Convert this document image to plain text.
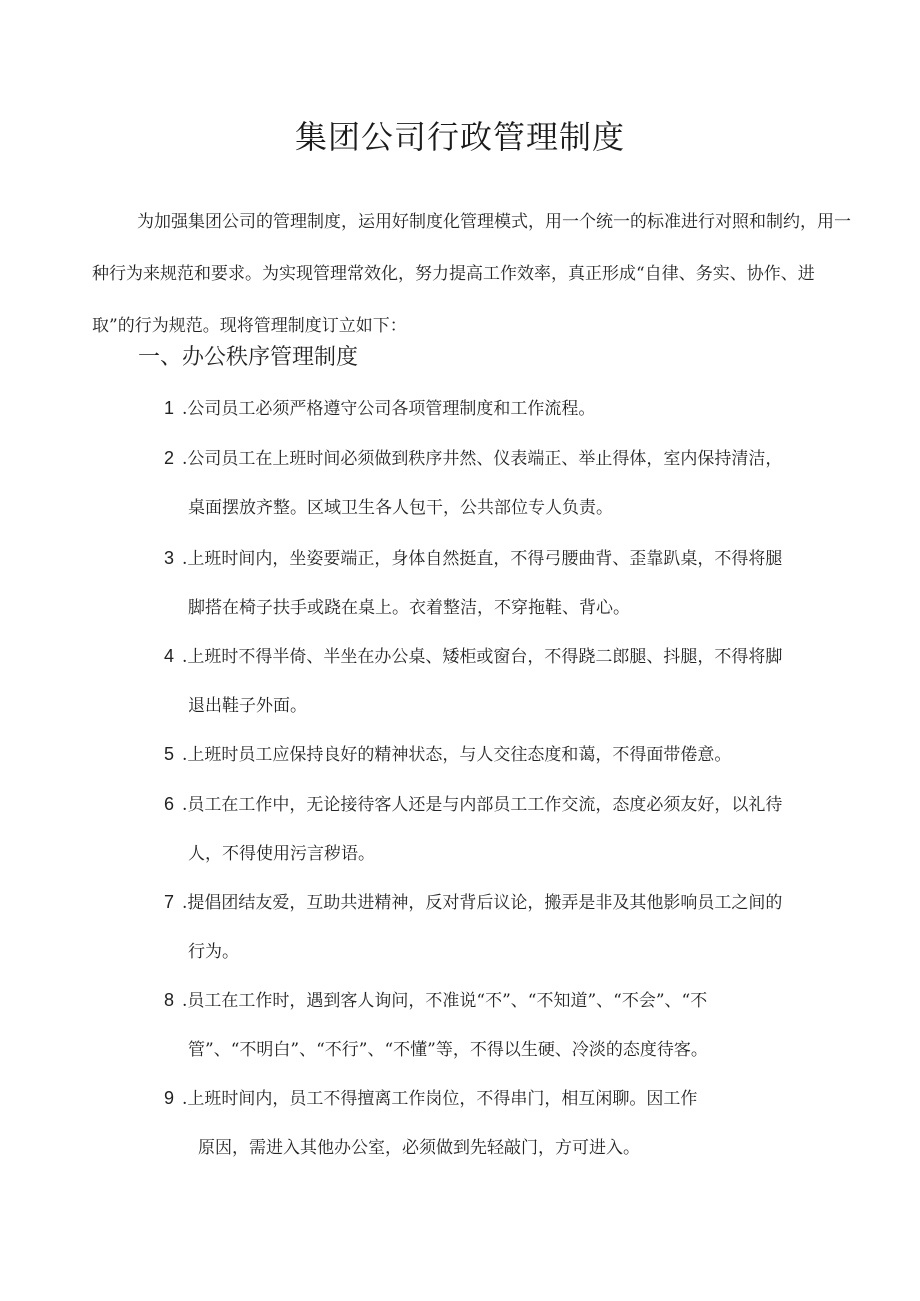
集团公司行政管理制度
为加强集团公司的管理制度，运用好制度化管理模式，用一个统一的标准进行对照和制约，用一种行为来规范和要求。为实现管理常效化，努力提高工作效率，真正形成“自律、务实、协作、进取”的行为规范。现将管理制度订立如下：
一、办公秩序管理制度
1 .公司员工必须严格遵守公司各项管理制度和工作流程。
2 .公司员工在上班时间必须做到秩序井然、仪表端正、举止得体，室内保持清洁，
桌面摆放齐整。区域卫生各人包干，公共部位专人负责。
3 .上班时间内，坐姿要端正，身体自然挺直，不得弓腰曲背、歪靠趴桌，不得将腿
脚搭在椅子扶手或跷在桌上。衣着整洁，不穿拖鞋、背心。
4 .上班时不得半倚、半坐在办公桌、矮柜或窗台，不得跷二郎腿、抖腿，不得将脚
退出鞋子外面。
5 .上班时员工应保持良好的精神状态，与人交往态度和蔼，不得面带倦意。
6 .员工在工作中，无论接待客人还是与内部员工工作交流，态度必须友好，以礼待
人，不得使用污言秽语。
7 .提倡团结友爱，互助共进精神，反对背后议论，搬弄是非及其他影响员工之间的
行为。
8 .员工在工作时，遇到客人询问，不准说“不”、“不知道”、“不会”、“不
管”、“不明白”、“不行”、“不懂”等，不得以生硬、冷淡的态度待客。
9 .上班时间内，员工不得擅离工作岗位，不得串门，相互闲聊。因工作
原因，需进入其他办公室，必须做到先轻敲门，方可进入。
